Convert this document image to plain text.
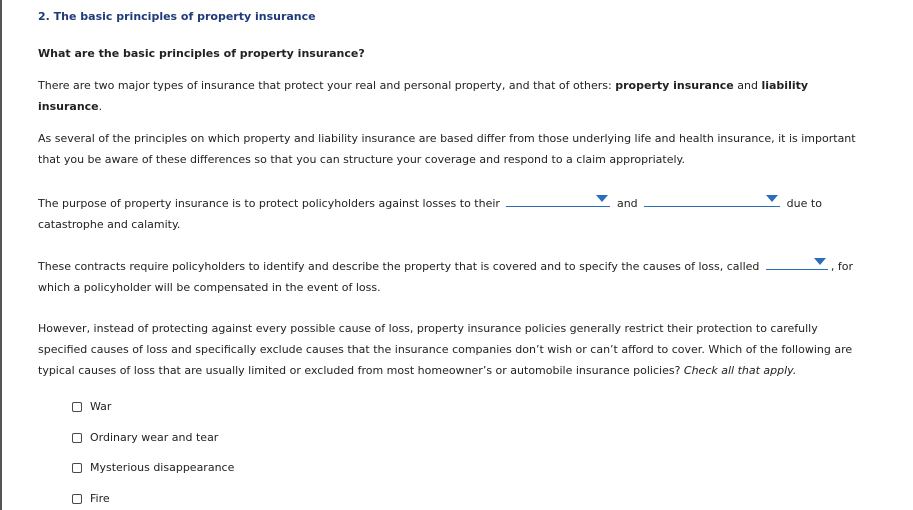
2. The basic principles of property insurance
What are the basic principles of property insurance?
There are two major types of insurance that protect your real and personal property, and that of others: property insurance and liability insurance.
As several of the principles on which property and liability insurance are based differ from those underlying life and health insurance, it is important that you be aware of these differences so that you can structure your coverage and respond to a claim appropriately.
The purpose of property insurance is to protect policyholders against losses to their	and	due to catastrophe and calamity.
These contracts require policyholders to identify and describe the property that is covered and to specify the causes of loss, called	, for which a policyholder will be compensated in the event of loss.
However, instead of protecting against every possible cause of loss, property insurance policies generally restrict their protection to carefully specified causes of loss and specifically exclude causes that the insurance companies don’t wish or can’t afford to cover. Which of the following are typical causes of loss that are usually limited or excluded from most homeowner’s or automobile insurance policies? Check all that apply.
War
Ordinary wear and tear
Mysterious disappearance
Fire
